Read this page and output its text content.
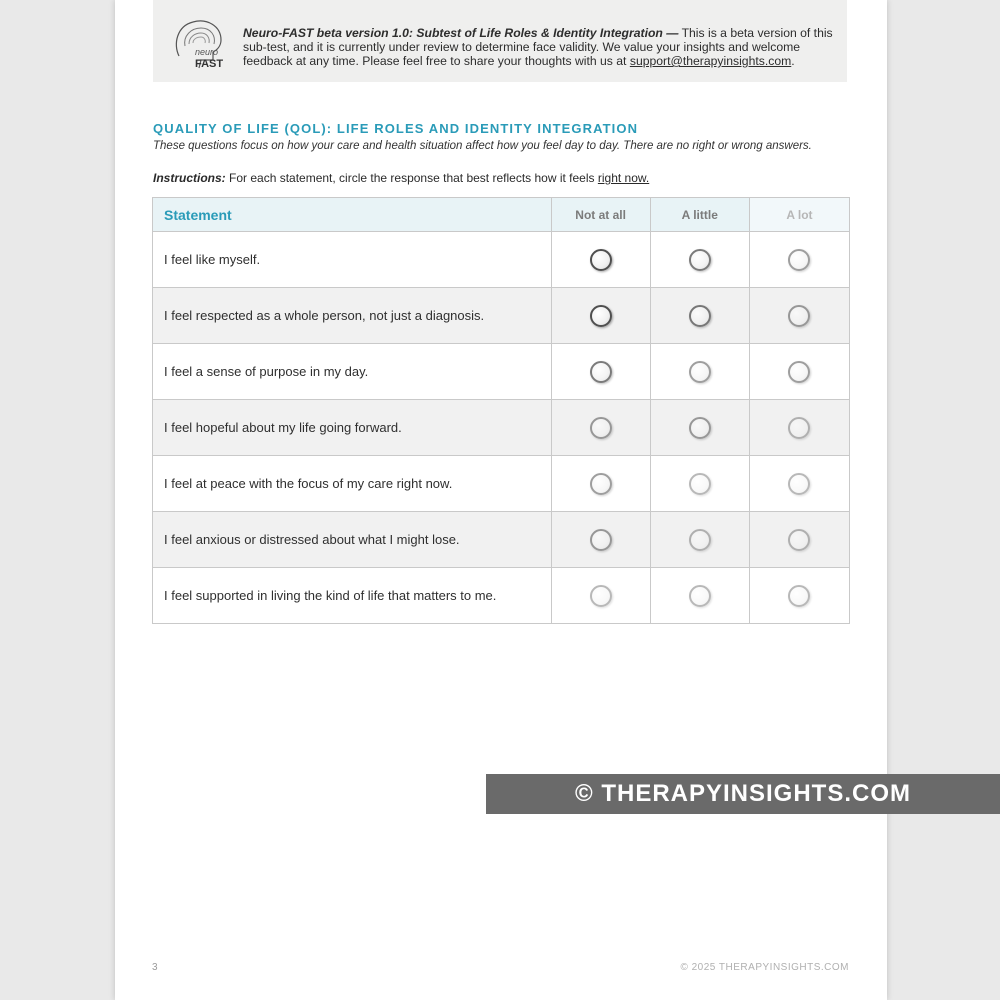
neuro
FAST
Neuro-FAST beta version 1.0: Subtest of Life Roles & Identity Integration — This is a beta version of this sub-test, and it is currently under review to determine face validity. We value your insights and welcome feedback at any time. Please feel free to share your thoughts with us at support@therapyinsights.com.
QUALITY OF LIFE (QOL): LIFE ROLES AND IDENTITY INTEGRATION
These questions focus on how your care and health situation affect how you feel day to day. There are no right or wrong answers.
Instructions: For each statement, circle the response that best reflects how it feels right now.
Statement	Not at all	A little	A lot
I feel like myself.			
I feel respected as a whole person, not just a diagnosis.			
I feel a sense of purpose in my day.			
I feel hopeful about my life going forward.			
I feel at peace with the focus of my care right now.			
I feel anxious or distressed about what I might lose.			
I feel supported in living the kind of life that matters to me.			
3	© 2025 THERAPYINSIGHTS.COM
© THERAPYINSIGHTS.COM
